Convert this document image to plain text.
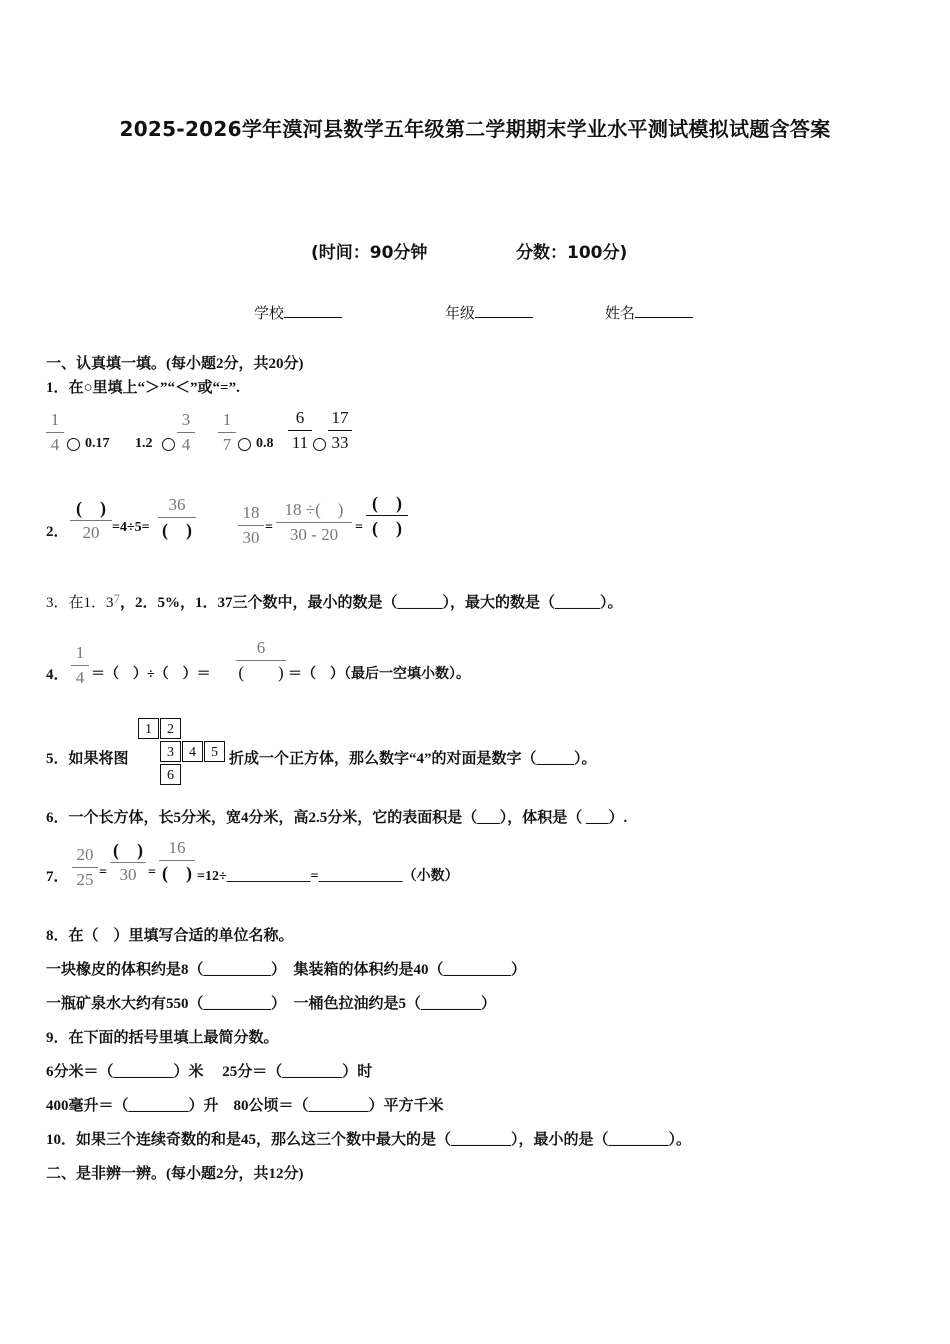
2025-2026学年漠河县数学五年级第二学期期末学业水平测试模拟试题含答案
(时间：90分钟	分数：100分)
学校	年级	姓名
一、认真填一填。(每小题2分，共20分)
1．在○里填上“＞”“＜”或“=”.
1
4	0.17 1.2
3
4
1
7	0.8
6
11
17
33
2．
(　)
20 =4÷5=
36
(　)
18
30
=
18 ÷(　)
30 - 20	=
(　)
(　)
3．在1．37，2．5%，1．37三个数中，最小的数是（______），最大的数是（______）。
4．
1
4 ＝（　）÷（　）＝
6
(　　) ＝（　）（最后一空填小数）。
5．如果将图
1	2
3	4	5
6
折成一个正方体，那么数字“4”的对面是数字（_____）。
6．一个长方体，长5分米，宽4分米，高2.5分米，它的表面积是（___），体积是（ ___）.
7．
20
25 =
(　)
30 =
16
(　) =12÷____________=____________（小数）
8．在（　）里填写合适的单位名称。
一块橡皮的体积约是8（_________）　集装箱的体积约是40（_________）
一瓶矿泉水大约有550（_________）　一桶色拉油约是5（________）
9．在下面的括号里填上最简分数。
6分米＝（________）米　 25分＝（________）时
400毫升＝（________）升　80公顷＝（________）平方千米
10．如果三个连续奇数的和是45，那么这三个数中最大的是（________），最小的是（________）。
二、是非辨一辨。(每小题2分，共12分)
